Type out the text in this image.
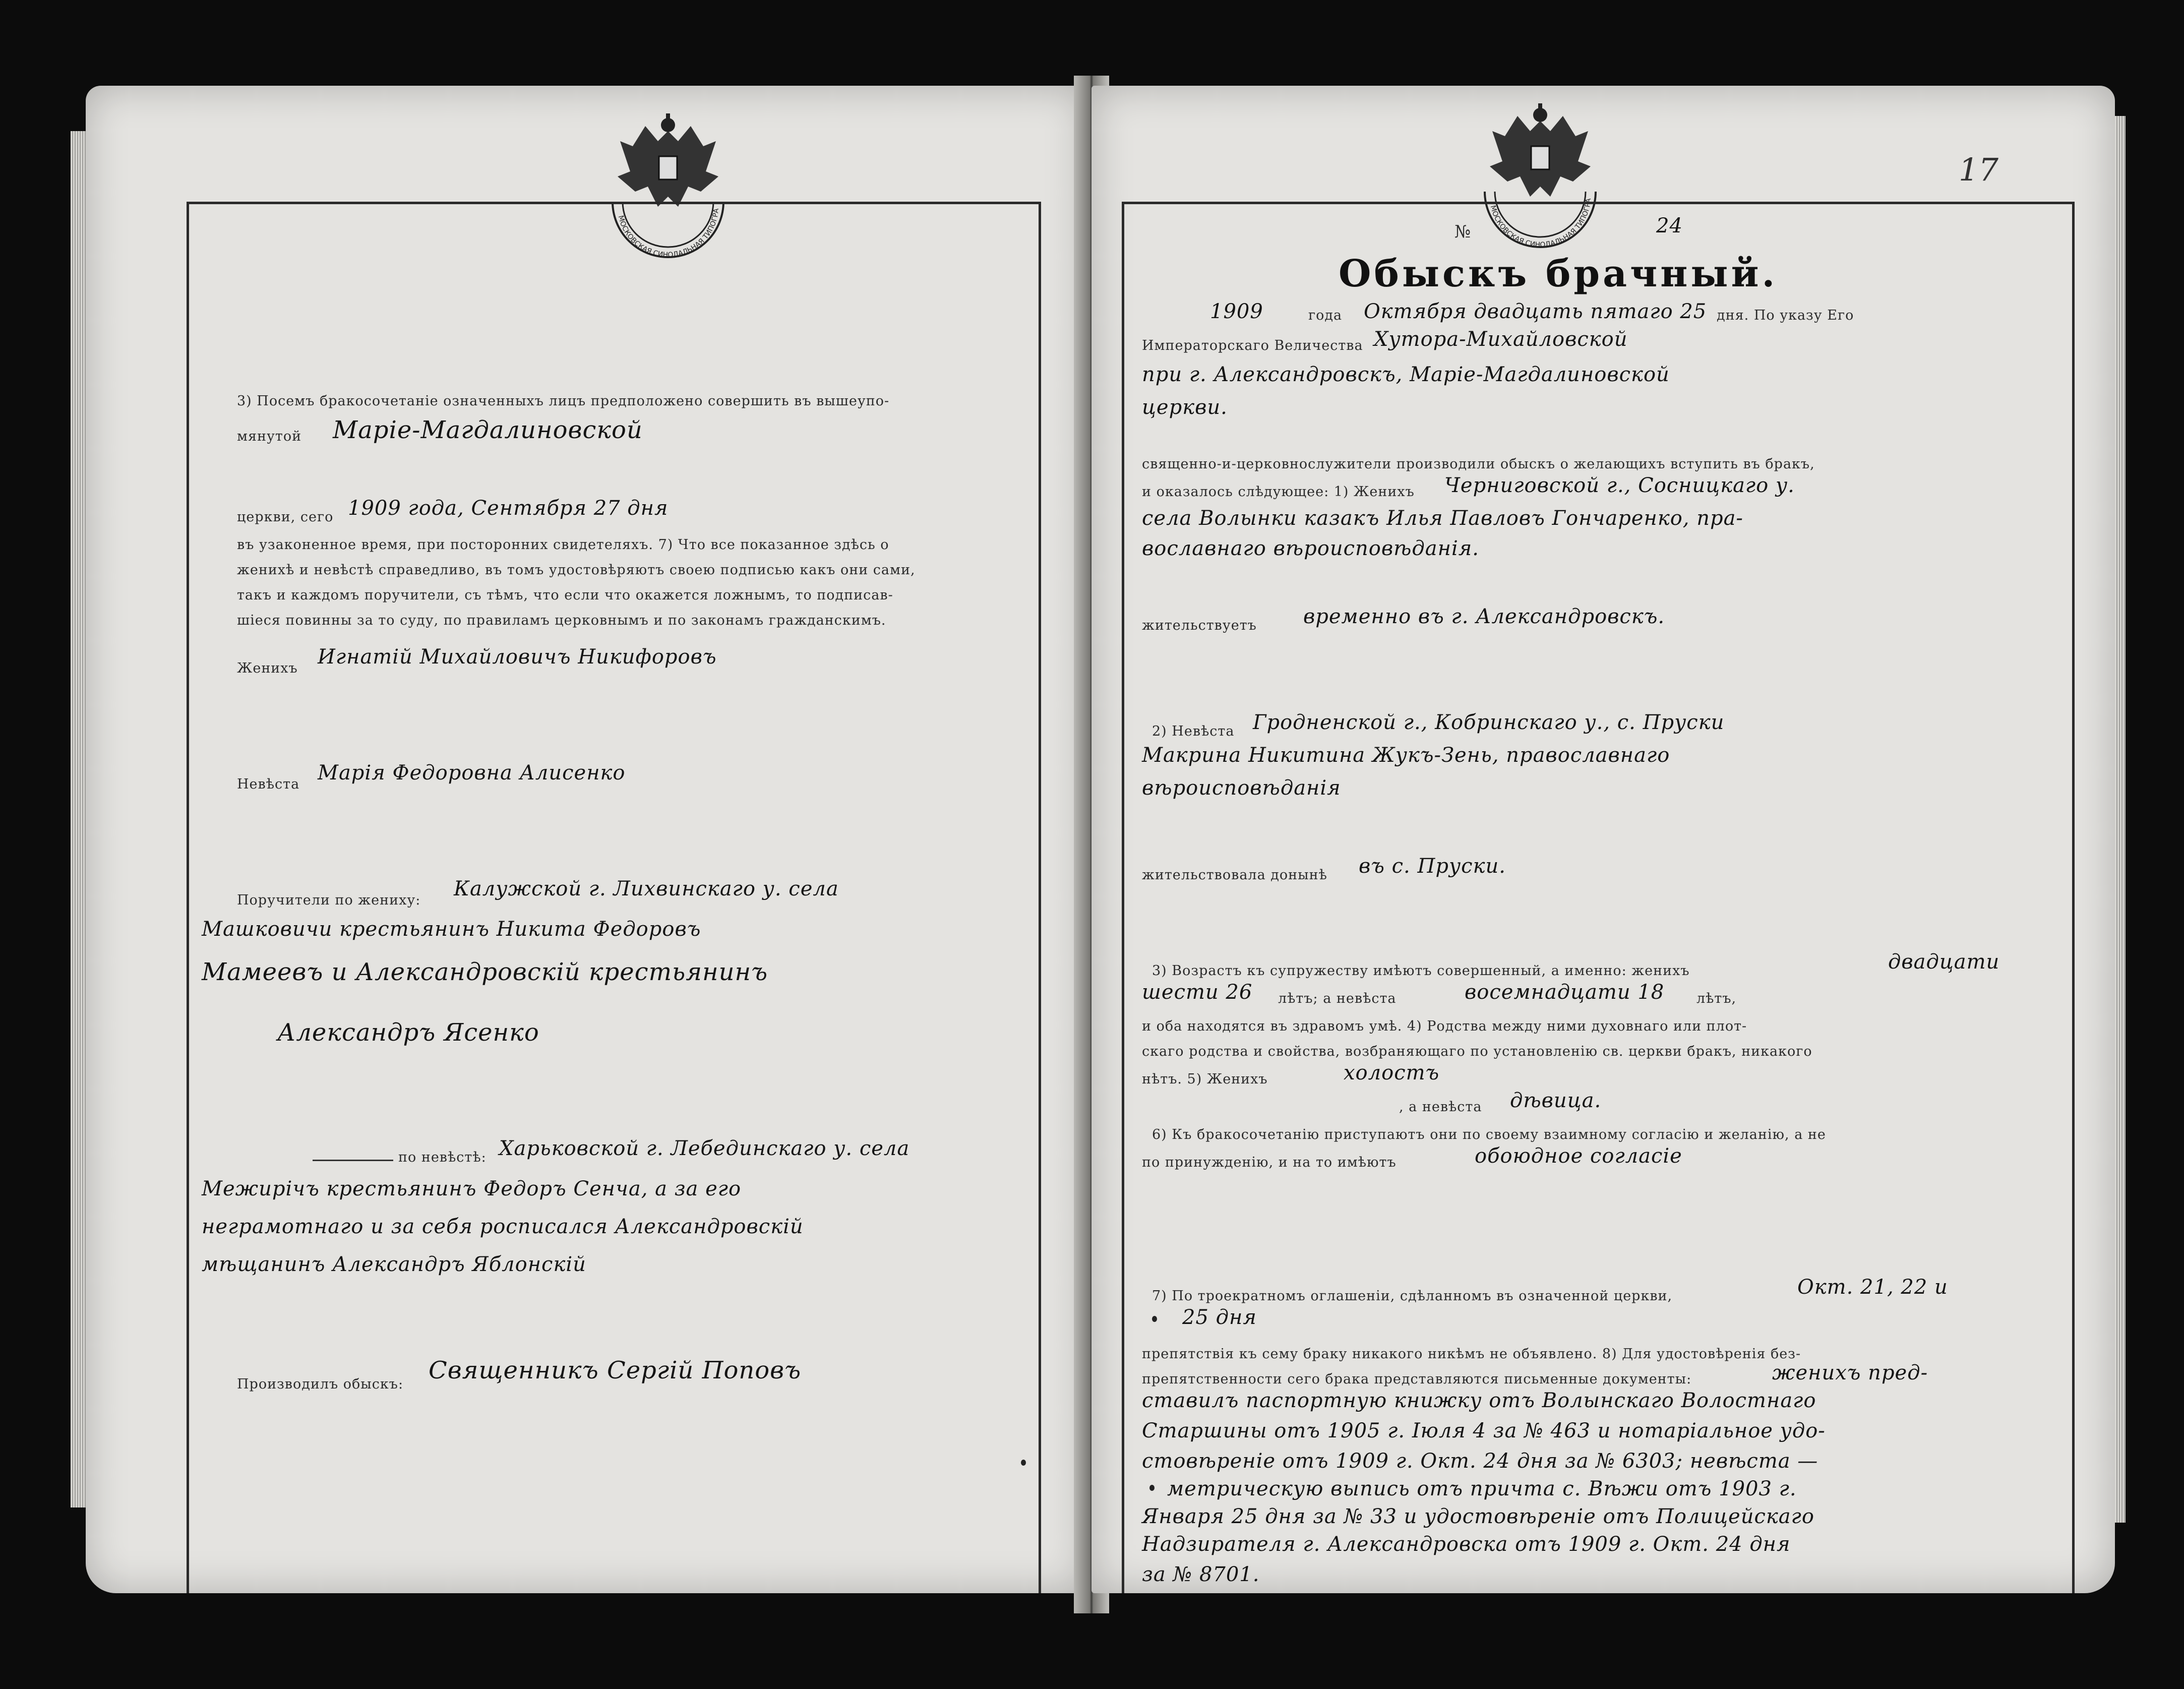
МОСКОВСКАЯ СИНОДАЛЬНАЯ ТИПОГРА
3) Посемъ бракосочетаніе означенныхъ лицъ предположено совершить въ вышеупо-
мянутой Маріе-Магдалиновской
церкви, сего 1909 года, Сентября 27 дня
въ узаконенное время, при посторонних свидетеляхъ. 7) Что все показанное здѣсь о
женихѣ и невѣстѣ справедливо, въ томъ удостовѣряютъ своею подписью какъ они сами,
такъ и каждомъ поручители, съ тѣмъ, что если что окажется ложнымъ, то подписав-
шіеся повинны за то суду, по правиламъ церковнымъ и по законамъ гражданскимъ.
Женихъ Игнатій Михайловичъ Никифоровъ
Невѣста Марія Федоровна Алисенко
Поручители по жениху: Калужской г. Лихвинскаго у. села
Машковичи крестьянинъ Никита Федоровъ
Мамеевъ и Александровскій крестьянинъ
Александръ Ясенко
по невѣстѣ: Харьковской г. Лебединскаго у. села
Межирічъ крестьянинъ Федоръ Сенча, а за его
неграмотнаго и за себя росписался Александровскій
мѣщанинъ Александръ Яблонскій
Производилъ обыскъ: Священникъ Сергій Поповъ
МОСКОВСКАЯ СИНОДАЛЬНАЯ ТИПОГРА
17
№	24
Обыскъ брачный.
1909	года Октября двадцать пятаго 25 дня. По указу Его
Императорскаго Величества Хутора-Михайловской
при г. Александровскъ, Маріе-Магдалиновской
церкви.
священно-и-церковнослужители производили обыскъ о желающихъ вступить въ бракъ,
и оказалось слѣдующее: 1) Женихъ Черниговской г., Сосницкаго у.
села Волынки казакъ Илья Павловъ Гончаренко, пра-
вославнаго вѣроисповѣданія.
жительствуетъ временно въ г. Александровскъ.
2) Невѣста Гродненской г., Кобринскаго у., с. Пруски
Макрина Никитина Жукъ-Зень, православнаго
вѣроисповѣданія
жительствовала донынѣ въ с. Пруски.
3) Возрастъ къ супружеству имѣютъ совершенный, а именно: женихъ	двадцати
шести 26 лѣтъ; а невѣста	восемнадцати 18 лѣтъ,
и оба находятся въ здравомъ умѣ. 4) Родства между ними духовнаго или плот-
скаго родства и свойства, возбраняющаго по установленію св. церкви бракъ, никакого
нѣтъ. 5) Женихъ	холостъ
, а невѣста дѣвица.
6) Къ бракосочетанію приступаютъ они по своему взаимному согласію и желанію, а не
по принужденію, и на то имѣютъ	обоюдное согласіе
7) По троекратномъ оглашеніи, сдѣланномъ въ означенной церкви,	Окт. 21, 22 и
25 дня
препятствія къ сему браку никакого никѣмъ не объявлено. 8) Для удостовѣренія без-
препятственности сего брака представляются письменные документы:	женихъ пред-
ставилъ паспортную книжку отъ Волынскаго Волостнаго
Старшины отъ 1905 г. Іюля 4 за № 463 и нотаріальное удо-
стовѣреніе отъ 1909 г. Окт. 24 дня за № 6303; невѣста —
метрическую выпись отъ причта с. Вѣжи отъ 1903 г.
Января 25 дня за № 33 и удостовѣреніе отъ Полицейскаго
Надзирателя г. Александровска отъ 1909 г. Окт. 24 дня
за № 8701.
